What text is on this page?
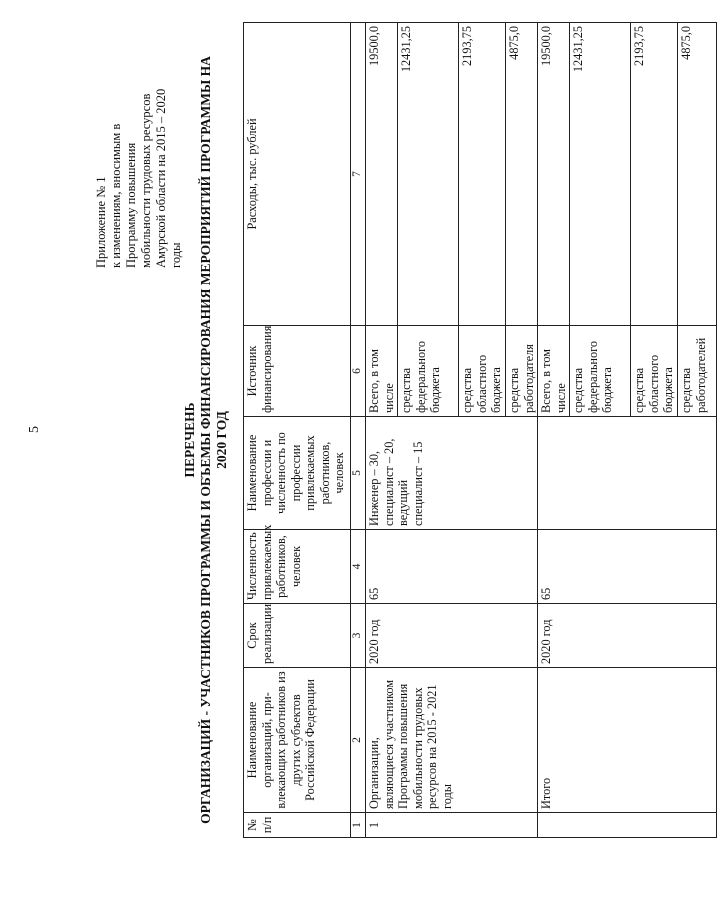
5
Приложение № 1 к изменениям, вносимым в Программу повышения мобильности трудовых ресурсов Амурской области на 2015 – 2020 годы
ПЕРЕЧЕНЬ ОРГАНИЗАЦИЙ - УЧАСТНИКОВ ПРОГРАММЫ И ОБЪЕМЫ ФИНАНСИРОВАНИЯ МЕРОПРИЯТИЙ ПРОГРАММЫ НА 2020 ГОД
№ п/п	Наименование организаций, при-влекающих работников из других субъектов Российской Федерации	Срок реализации	Численность привлекаемых работников, человек	Наименование профессии и численность по профессии привлекаемых работников, человек	Источник финансирования	Расходы, тыс. рублей
1	2	3	4	5	6	7
1	Организации, являющиеся участником Программы повышения мобильности трудовых ресурсов на 2015 - 2021 годы	2020 год	65	Инженер – 30, специалист – 20, ведущий специалист – 15	Всего, в том числе	19500,0
					средства федерального бюджета	12431,25
					средства областного бюджета	2193,75
					средства работодателя	4875,0
	Итого	2020 год	65		Всего, в том числе	19500,0
					средства федерального бюджета	12431,25
					средства областного бюджета	2193,75
					средства работодателей	4875,0
